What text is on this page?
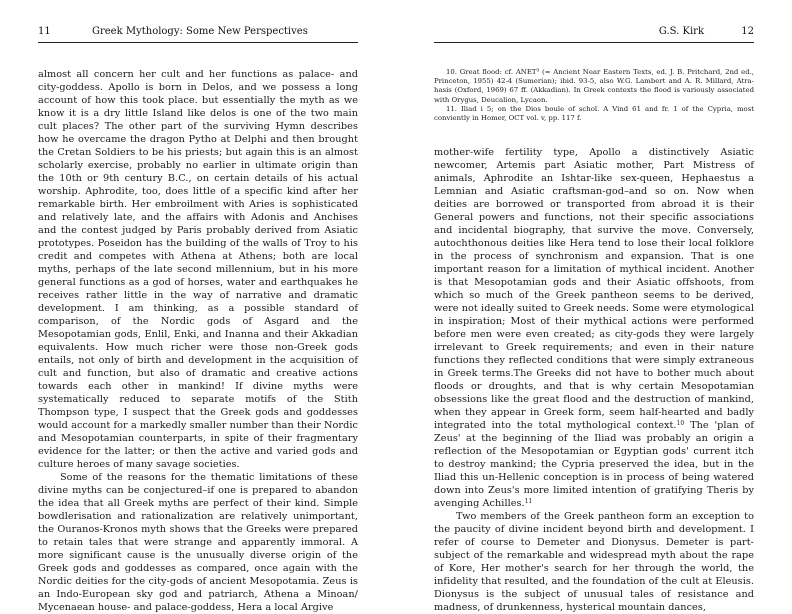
11	Greek Mythology: Some New Perspectives

almost all concern her cult and her functions as palace- and city-goddess. Apollo is born in Delos, and we possess a long account of how this took place. but essentially the myth as we know it is a dry little Island like delos is one of the two main cult places? The other part of the surviving Hymn describes how he overcame the dragon Pytho at Delphi and then brought the Cretan Soldiers to be his priests; but again this is an almost scholarly exercise, probably no earlier in ultimate origin than the 10th or 9th century B.C., on certain details of his actual worship. Aphrodite, too, does little of a specific kind after her remarkable birth. Her embroilment with Aries is sophisticated and relatively late, and the affairs with Adonis and Anchises and the contest judged by Paris probably derived from Asiatic prototypes. Poseidon has the building of the walls of Troy to his credit and competes with Athena at Athens; both are local myths, perhaps of the late second millennium, but in his more general functions as a god of horses, water and earthquakes he receives rather little in the way of narrative and dramatic development. I am thinking, as a possible standard of comparison, of the Nordic gods of Asgard and the Mesopotamian gods, Enlil, Enki, and Inanna and their Akkadian equivalents. How much richer were those non-Greek gods entails, not only of birth and development in the acquisition of cult and function, but also of dramatic and creative actions towards each other in mankind! If divine myths were systematically reduced to separate motifs of the Stith Thompson type, I suspect that the Greek gods and goddesses would account for a markedly smaller number than their Nordic and Mesopotamian counterparts, in spite of their fragmentary evidence for the latter; or then the active and varied gods and culture heroes of many savage societies.

Some of the reasons for the thematic limitations of these divine myths can be conjectured–if one is prepared to abandon the idea that all Greek myths are perfect of their kind. Simple bowdlerisation and rationalization are relatively unimportant, the Ouranos-Kronos myth shows that the Greeks were prepared to retain tales that were strange and apparently immoral. A more significant cause is the unusually diverse origin of the Greek gods and goddesses as compared, once again with the Nordic deities for the city-gods of ancient Mesopotamia. Zeus is an Indo-European sky god and patriarch, Athena a Minoan/ Mycenaean house- and palace-goddess, Hera a local Argive

G.S. Kirk	12

10. Great flood: cf. ANET³ (= Ancient Near Eastern Texts, ed. J. B. Pritchard, 2nd ed., Princeton, 1955) 42-4 (Sumerian); ibid. 93-5, also W.G. Lambert and A. R. Millard, Atra-hasis (Oxford, 1969) 67 ff. (Akkadian). In Greek contexts the flood is variously associated with Orygus, Deucalion, Lycaon.

11. Iliad i 5; on the Dios boule of schol. A Vind 61 and fr. 1 of the Cypria, most conviently in Homer, OCT vol. v, pp. 117 f.

mother-wife fertility type, Apollo a distinctively Asiatic newcomer, Artemis part Asiatic mother, Part Mistress of animals, Aphrodite an Ishtar-like sex-queen, Hephaestus a Lemnian and Asiatic craftsman-god–and so on. Now when deities are borrowed or transported from abroad it is their General powers and functions, not their specific associations and incidental biography, that survive the move. Conversely, autochthonous deities like Hera tend to lose their local folklore in the process of synchronism and expansion. That is one important reason for a limitation of mythical incident. Another is that Mesopotamian gods and their Asiatic offshoots, from which so much of the Greek pantheon seems to be derived, were not ideally suited to Greek needs. Some were etymological in inspiration; Most of their mythical actions were performed before men were even created; as city-gods they were largely irrelevant to Greek requirements; and even in their nature functions they reflected conditions that were simply extraneous in Greek terms.The Greeks did not have to bother much about floods or droughts, and that is why certain Mesopotamian obsessions like the great flood and the destruction of mankind, when they appear in Greek form, seem half-hearted and badly integrated into the total mythological context.$^{10}$ The 'plan of Zeus' at the beginning of the Iliad was probably an origin a reflection of the Mesopotamian or Egyptian gods' current itch to destroy mankind; the Cypria preserved the idea, but in the Iliad this un-Hellenic conception is in process of being watered down into Zeus's more limited intention of gratifying Theris by avenging Achilles.$^{11}$

Two members of the Greek pantheon form an exception to the paucity of divine incident beyond birth and development. I refer of course to Demeter and Dionysus. Demeter is part-subject of the remarkable and widespread myth about the rape of Kore, Her mother's search for her through the world, the infidelity that resulted, and the foundation of the cult at Eleusis. Dionysus is the subject of unusual tales of resistance and madness, of drunkenness, hysterical mountain dances,
